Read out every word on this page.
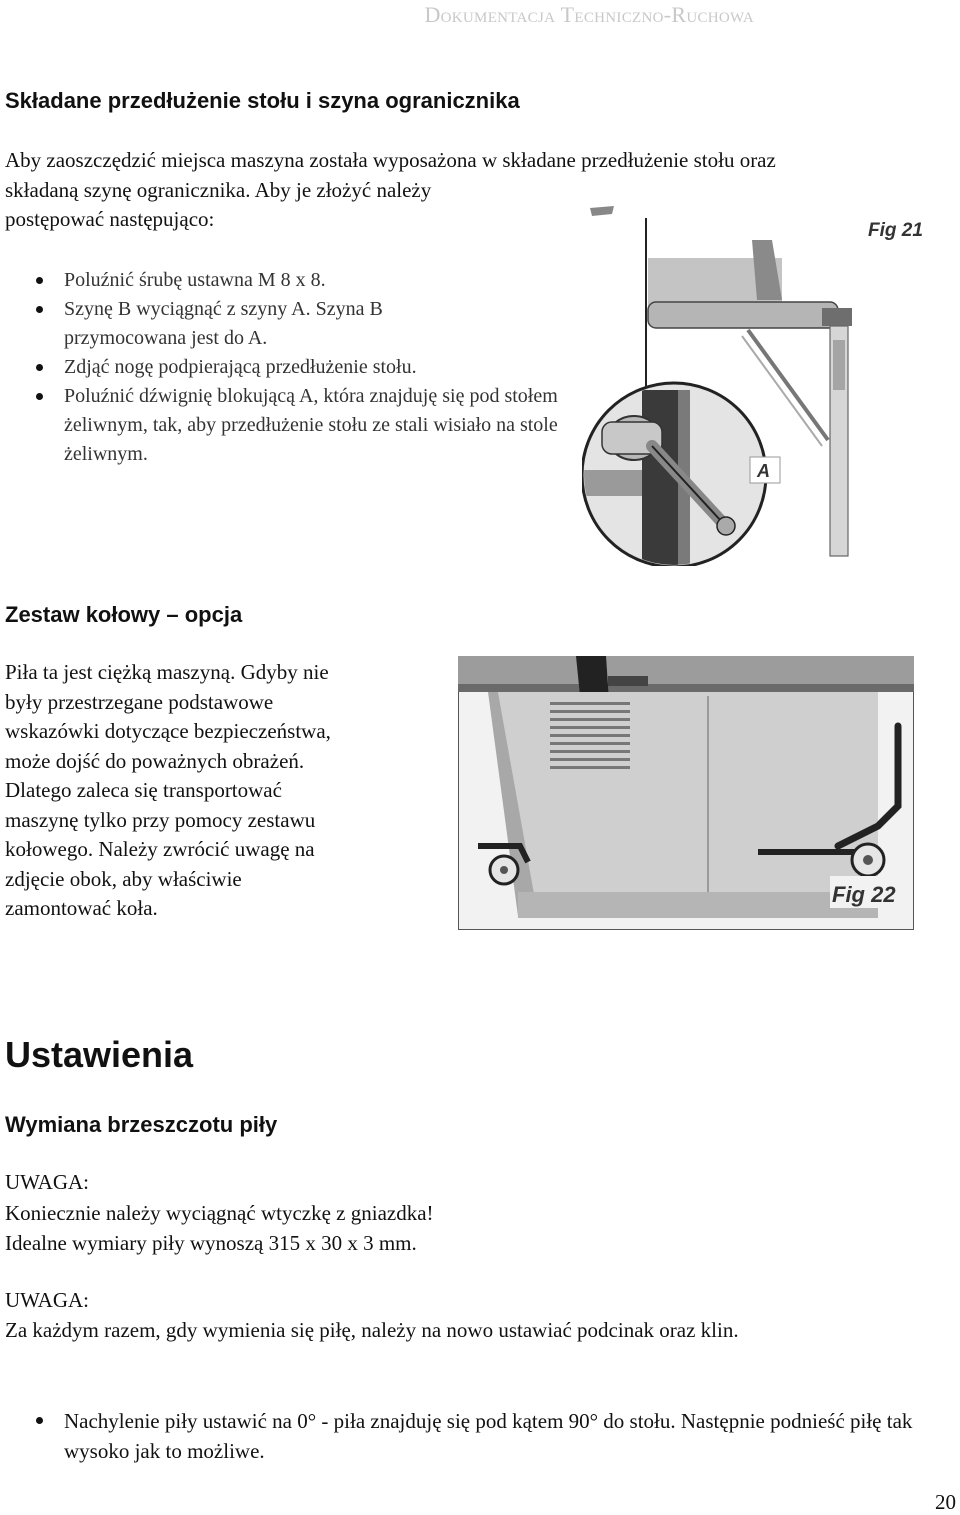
Dokumentacja Techniczno-Ruchowa
Składane przedłużenie stołu i szyna ogranicznika
Aby zaoszczędzić miejsca maszyna została wyposażona w składane przedłużenie stołu oraz
składaną szynę ogranicznika. Aby je złożyć należy
postępować następująco:
Poluźnić śrubę ustawna M 8 x 8.
Szynę B wyciągnąć z szyny A. Szyna B przymocowana jest do A.
Zdjąć nogę podpierającą przedłużenie stołu.
Poluźnić dźwignię blokującą A, która znajduję się pod stołem żeliwnym, tak, aby przedłużenie stołu ze stali wisiało na stole żeliwnym.
A
Fig 21
Zestaw kołowy – opcja
Piła ta jest ciężką maszyną. Gdyby nie
były przestrzegane podstawowe
wskazówki dotyczące bezpieczeństwa,
może dojść do poważnych obrażeń.
Dlatego zaleca się transportować
maszynę tylko przy pomocy zestawu
kołowego. Należy zwrócić uwagę na
zdjęcie obok, aby właściwie
zamontować koła.
Fig 22
Ustawienia
Wymiana brzeszczotu piły
UWAGA:
Koniecznie należy wyciągnąć wtyczkę z gniazdka!
Idealne wymiary piły wynoszą 315 x 30 x 3 mm.
UWAGA:
Za każdym razem, gdy wymienia się piłę, należy na nowo ustawiać podcinak oraz klin.
Nachylenie piły ustawić na 0° - piła znajduję się pod kątem 90° do stołu. Następnie podnieść piłę tak wysoko jak to możliwe.
20
